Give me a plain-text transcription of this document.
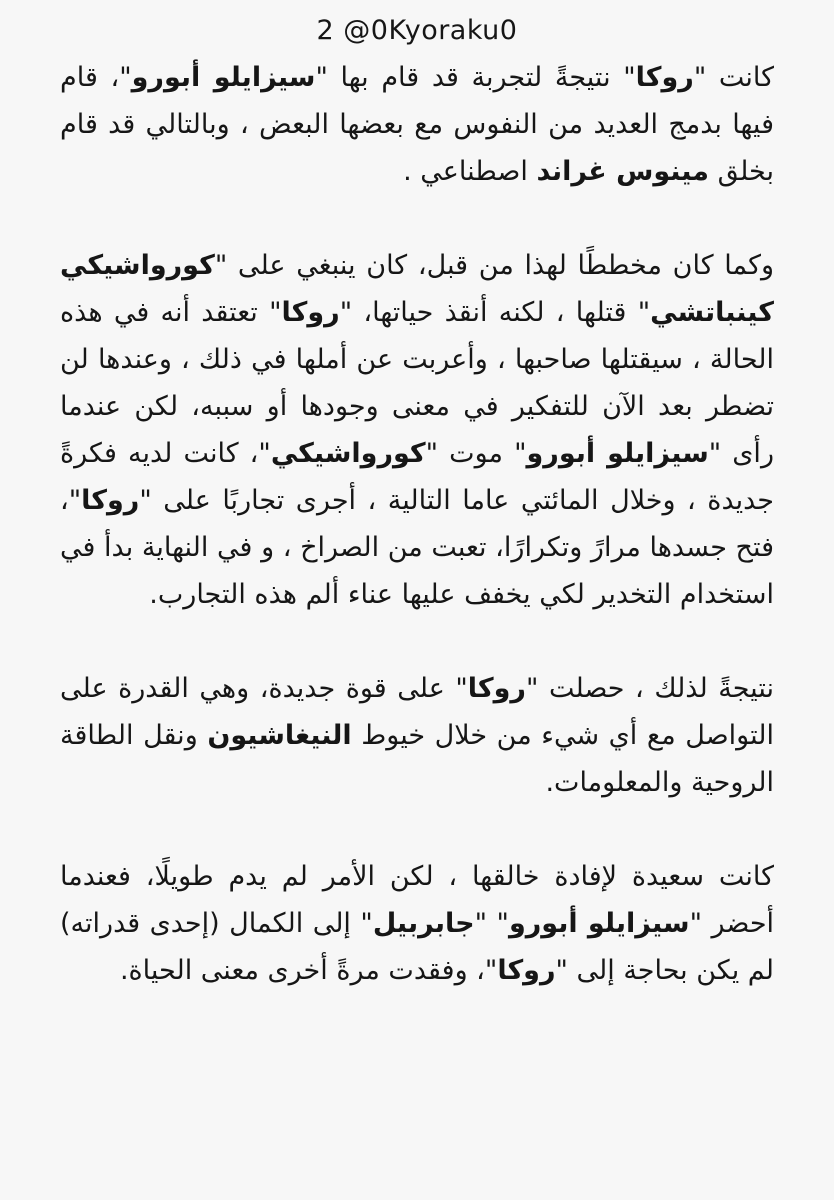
2 @0Kyoraku0

كانت "روكا" نتيجةً لتجربة قد قام بها "سيزايلو أبورو"، قام فيها بدمج العديد من النفوس مع بعضها البعض ، وبالتالي قد قام بخلق مينوس غراند اصطناعي .

وكما كان مخططًا لهذا من قبل، كان ينبغي على "كورواشيكي كينباتشي" قتلها ، لكنه أنقذ حياتها، "روكا" تعتقد أنه في هذه الحالة ، سيقتلها صاحبها ، وأعربت عن أملها في ذلك ، وعندها لن تضطر بعد الآن للتفكير في معنى وجودها أو سببه، لكن عندما رأى "سيزايلو أبورو" موت "كورواشيكي"، كانت لديه فكرةً جديدة ، وخلال المائتي عاما التالية ، أجرى تجاربًا على "روكا"، فتح جسدها مرارً وتكرارًا، تعبت من الصراخ ، و في النهاية بدأ في استخدام التخدير لكي يخفف عليها عناء ألم هذه التجارب.

نتيجةً لذلك ، حصلت "روكا" على قوة جديدة، وهي القدرة على التواصل مع أي شيء من خلال خيوط النيغاشيون ونقل الطاقة الروحية والمعلومات.

كانت سعيدة لإفادة خالقها ، لكن الأمر لم يدم طويلًا، فعندما أحضر "سيزايلو أبورو" "جابربيل" إلى الكمال (إحدى قدراته) لم يكن بحاجة إلى "روكا"، وفقدت مرةً أخرى معنى الحياة.
